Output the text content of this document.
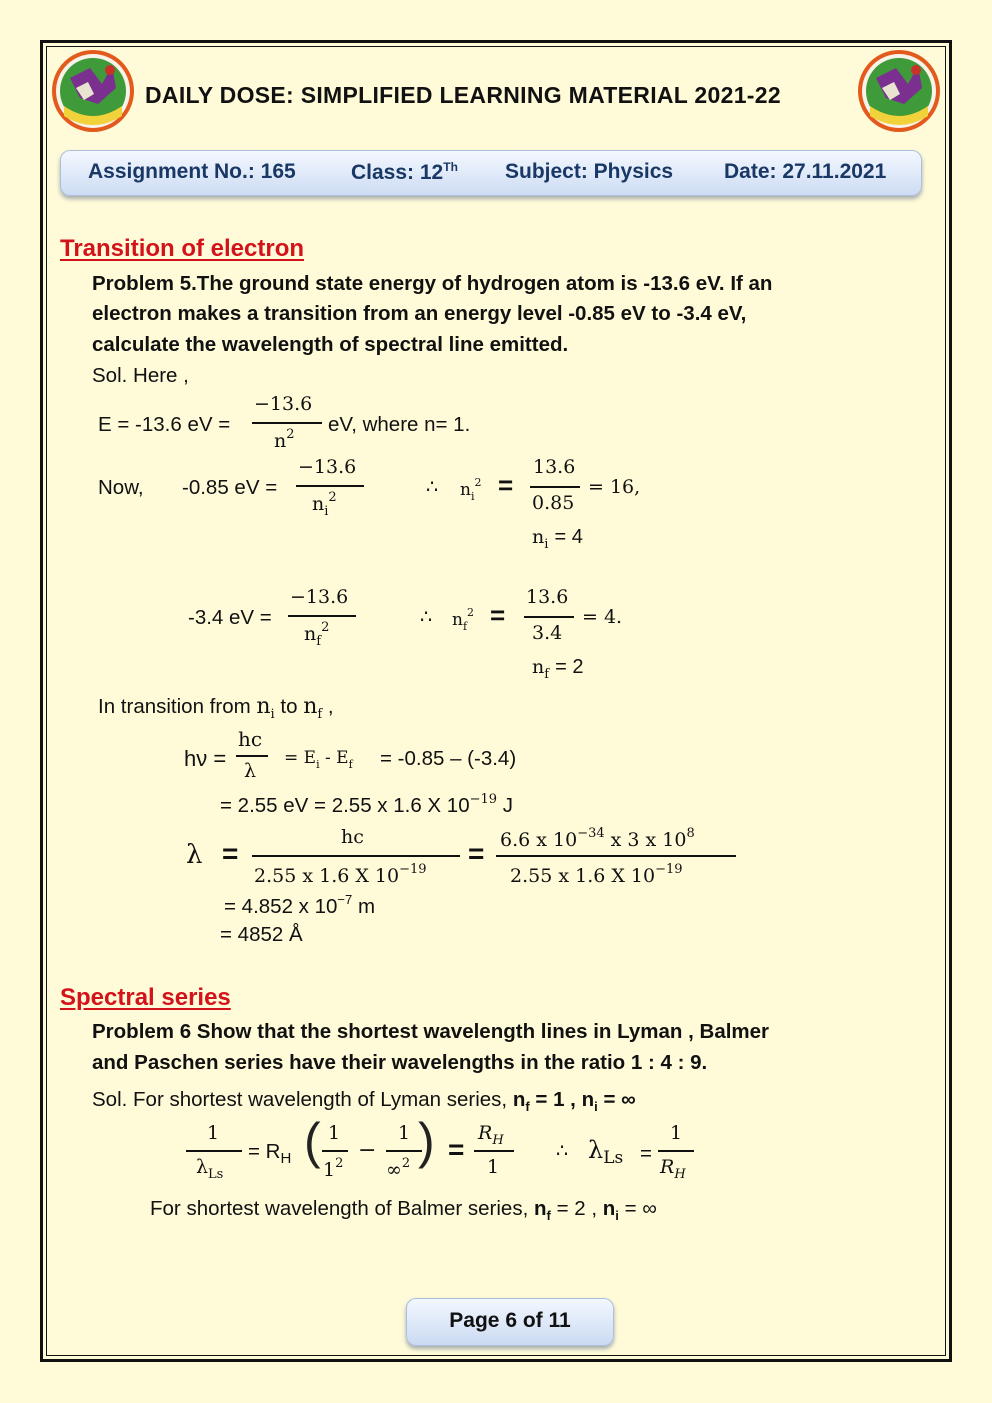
DAILY DOSE: SIMPLIFIED LEARNING MATERIAL 2021-22
Assignment No.: 165	Class: 12Th Subject: Physics Date: 27.11.2021
Transition of electron
Problem 5.The ground state energy of hydrogen atom is -13.6 eV. If an
electron makes a transition from an energy level -0.85 eV to -3.4 eV,
calculate the wavelength of spectral line emitted.
Sol. Here ,
E = -13.6 eV =
−13.6
$n^2$ eV, where n= 1.
Now, -0.85 eV =
−13.6
$n_i^2$	∴ $n_i^2$ =
13.6
0.85
= 16,
$n_i = 4$
-3.4 eV =
−13.6
$n_f^2$	∴ $n_f^2$ =
13.6
3.4
= 4.
$n_f = 2$
In transition from $n_i$ to $n_f$ ,
hν =
hc
λ
= $E_i - E_f = -0.85 - (-3.4)$
= 2.55 eV = 2.55 x 1.6 X $10^{-19}$ J
λ =
hc
2.55 x 1.6 X $10^{-19}$
= 6.6 x $10^{-34}$ x 3 x $10^8$
2.55 x 1.6 X $10^{-19}$
= 4.852 x $10^{-7}$ m
= 4852 Å
Spectral series
Problem 6 Show that the shortest wavelength lines in Lyman , Balmer
and Paschen series have their wavelengths in the ratio 1 : 4 : 9.
Sol. For shortest wavelength of Lyman series, $n_f = 1$ , $n_i$ = ∞
1
$\lambda_{Ls}$
= $R_H$ ( 1
$1^2$
−
1
∞$^2$ ) =
$R_H$
1
∴ $\lambda_{Ls}$ =
1
$R_H$
For shortest wavelength of Balmer series, $n_f = 2$ , $n_i$ = ∞
Page 6 of 11
